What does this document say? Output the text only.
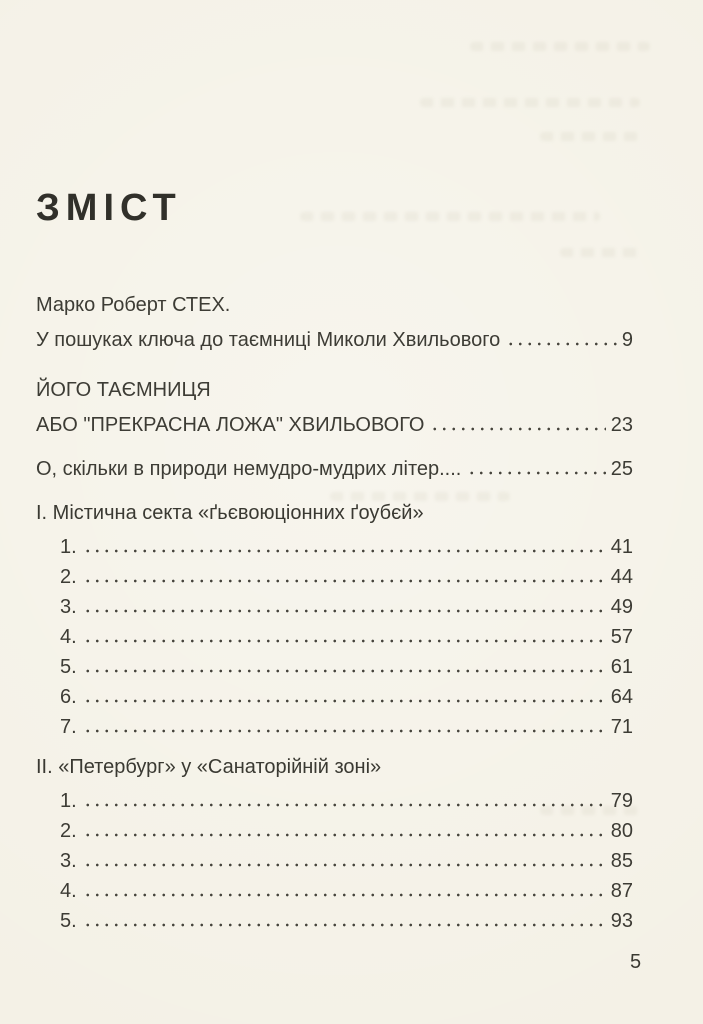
ЗМІСТ
Марко Роберт СТЕХ.
У пошуках ключа до таємниці Миколи Хвильового	9
ЙОГО ТАЄМНИЦЯ
АБО "ПРЕКРАСНА ЛОЖА" ХВИЛЬОВОГО	23
О, скільки в природи немудро-мудрих літер....	25
I. Містична секта «ґьєвоюціонних ґоубєй»
1.	41
2.	44
3.	49
4.	57
5.	61
6.	64
7.	71
II. «Петербург» у «Санаторійній зоні»
1.	79
2.	80
3.	85
4.	87
5.	93
5
